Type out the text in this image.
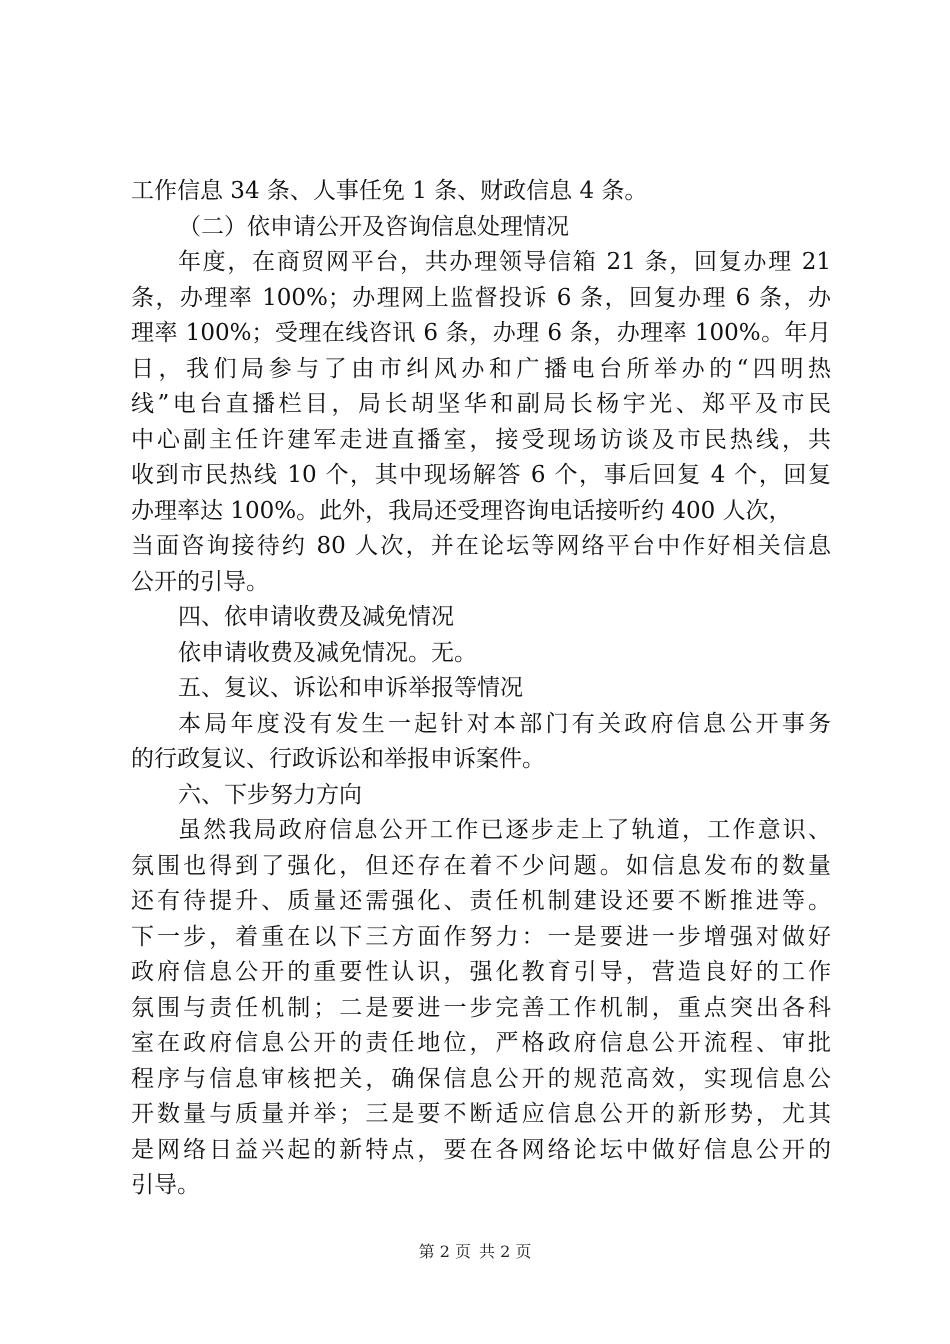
工作信息 34 条、人事任免 1 条、财政信息 4 条。
（二）依申请公开及咨询信息处理情况
年度，在商贸网平台，共办理领导信箱 21 条，回复办理 21
条，办理率 100%；办理网上监督投诉 6 条，回复办理 6 条，办
理率 100%；受理在线咨讯 6 条，办理 6 条，办理率 100%。年月
日，我们局参与了由市纠风办和广播电台所举办的“四明热
线”电台直播栏目，局长胡坚华和副局长杨宇光、郑平及市民
中心副主任许建军走进直播室，接受现场访谈及市民热线，共
收到市民热线 10 个，其中现场解答 6 个，事后回复 4 个，回复
办理率达 100%。此外，我局还受理咨询电话接听约 400 人次，
当面咨询接待约 80 人次，并在论坛等网络平台中作好相关信息
公开的引导。
四、依申请收费及减免情况
依申请收费及减免情况。无。
五、复议、诉讼和申诉举报等情况
本局年度没有发生一起针对本部门有关政府信息公开事务
的行政复议、行政诉讼和举报申诉案件。
六、下步努力方向
虽然我局政府信息公开工作已逐步走上了轨道，工作意识、
氛围也得到了强化，但还存在着不少问题。如信息发布的数量
还有待提升、质量还需强化、责任机制建设还要不断推进等。
下一步，着重在以下三方面作努力：一是要进一步增强对做好
政府信息公开的重要性认识，强化教育引导，营造良好的工作
氛围与责任机制；二是要进一步完善工作机制，重点突出各科
室在政府信息公开的责任地位，严格政府信息公开流程、审批
程序与信息审核把关，确保信息公开的规范高效，实现信息公
开数量与质量并举；三是要不断适应信息公开的新形势，尤其
是网络日益兴起的新特点，要在各网络论坛中做好信息公开的
引导。
第 2 页 共 2 页
